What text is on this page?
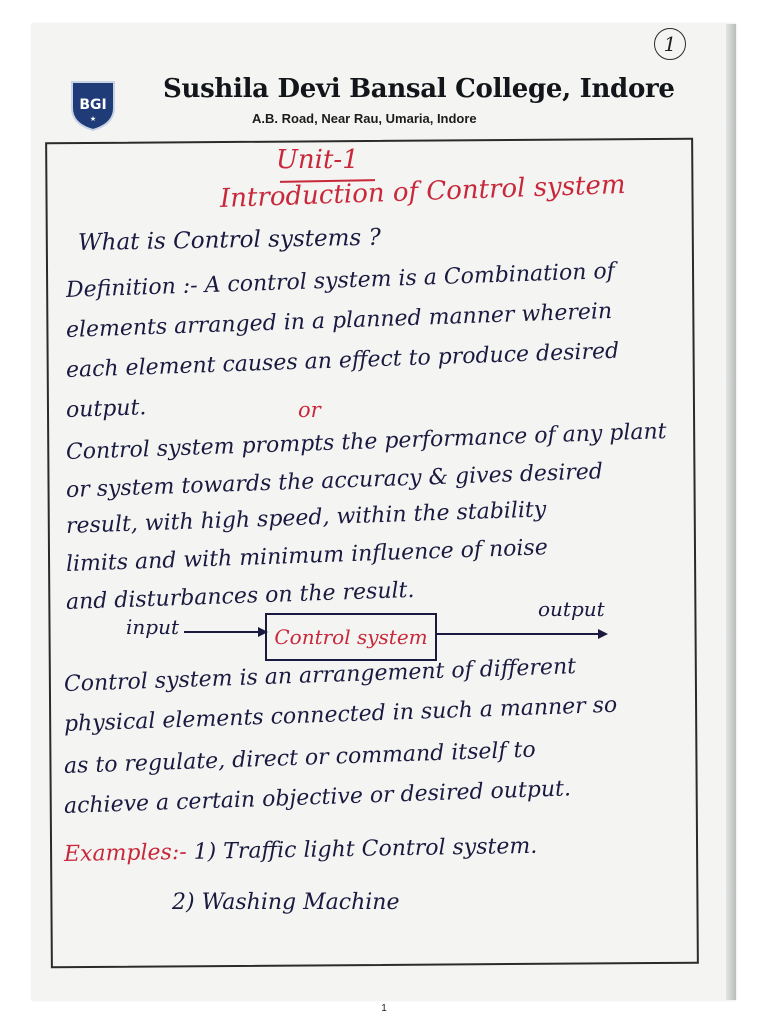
1
BGI
★
Sushila Devi Bansal College, Indore
A.B. Road, Near Rau, Umaria, Indore
Unit-1
Introduction of Control system
What is Control systems ?
Definition :- A control system is a Combination of
elements arranged in a planned manner wherein
each element causes an effect to produce desired
output.	or
Control system prompts the performance of any plant
or system towards the accuracy & gives desired
result, with high speed, within the stability
limits and with minimum influence of noise
and disturbances on the result.
input	Control system
output
Control system is an arrangement of different
physical elements connected in such a manner so
as to regulate, direct or command itself to
achieve a certain objective or desired output.
Examples:- 1) Traffic light Control system.
2) Washing Machine
1
